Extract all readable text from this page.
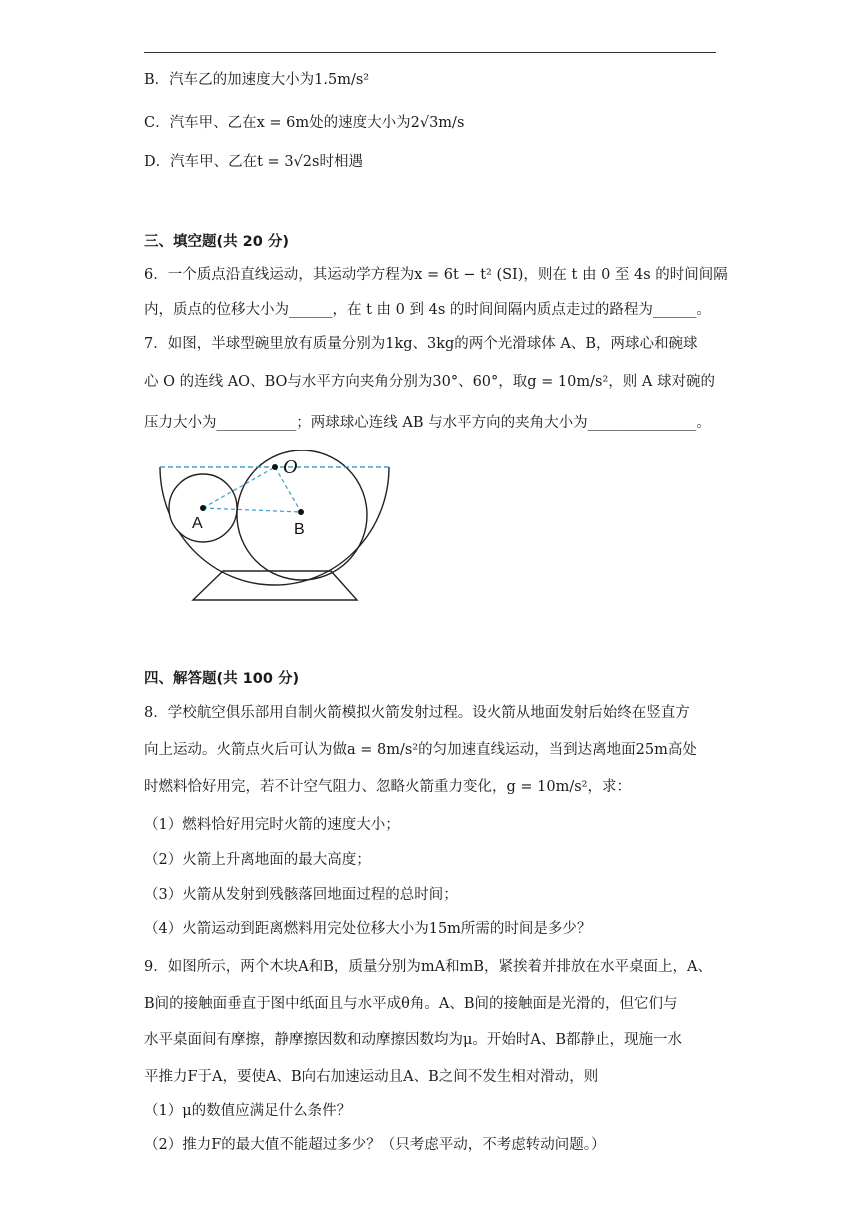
B．汽车乙的加速度大小为1.5m/s²
C．汽车甲、乙在x = 6m处的速度大小为2√3m/s
D．汽车甲、乙在t = 3√2s时相遇
三、填空题(共 20 分)
6．一个质点沿直线运动，其运动学方程为x = 6t − t² (SI)，则在 t 由 0 至 4s 的时间间隔
内，质点的位移大小为______，在 t 由 0 到 4s 的时间间隔内质点走过的路程为______。
7．如图，半球型碗里放有质量分别为1kg、3kg的两个光滑球体 A、B，两球心和碗球
心 O 的连线 AO、BO与水平方向夹角分别为30°、60°，取g = 10m/s²，则 A 球对碗的
压力大小为___________；两球球心连线 AB 与水平方向的夹角大小为_______________。
O
A	B
四、解答题(共 100 分)
8．学校航空俱乐部用自制火箭模拟火箭发射过程。设火箭从地面发射后始终在竖直方
向上运动。火箭点火后可认为做a = 8m/s²的匀加速直线运动，当到达离地面25m高处
时燃料恰好用完，若不计空气阻力、忽略火箭重力变化，g = 10m/s²，求：
（1）燃料恰好用完时火箭的速度大小；
（2）火箭上升离地面的最大高度；
（3）火箭从发射到残骸落回地面过程的总时间；
（4）火箭运动到距离燃料用完处位移大小为15m所需的时间是多少？
9．如图所示，两个木块A和B，质量分别为mA和mB，紧挨着并排放在水平桌面上，A、
B间的接触面垂直于图中纸面且与水平成θ角。A、B间的接触面是光滑的，但它们与
水平桌面间有摩擦，静摩擦因数和动摩擦因数均为μ。开始时A、B都静止，现施一水
平推力F于A，要使A、B向右加速运动且A、B之间不发生相对滑动，则
（1）μ的数值应满足什么条件？
（2）推力F的最大值不能超过多少？（只考虑平动，不考虑转动问题。）
